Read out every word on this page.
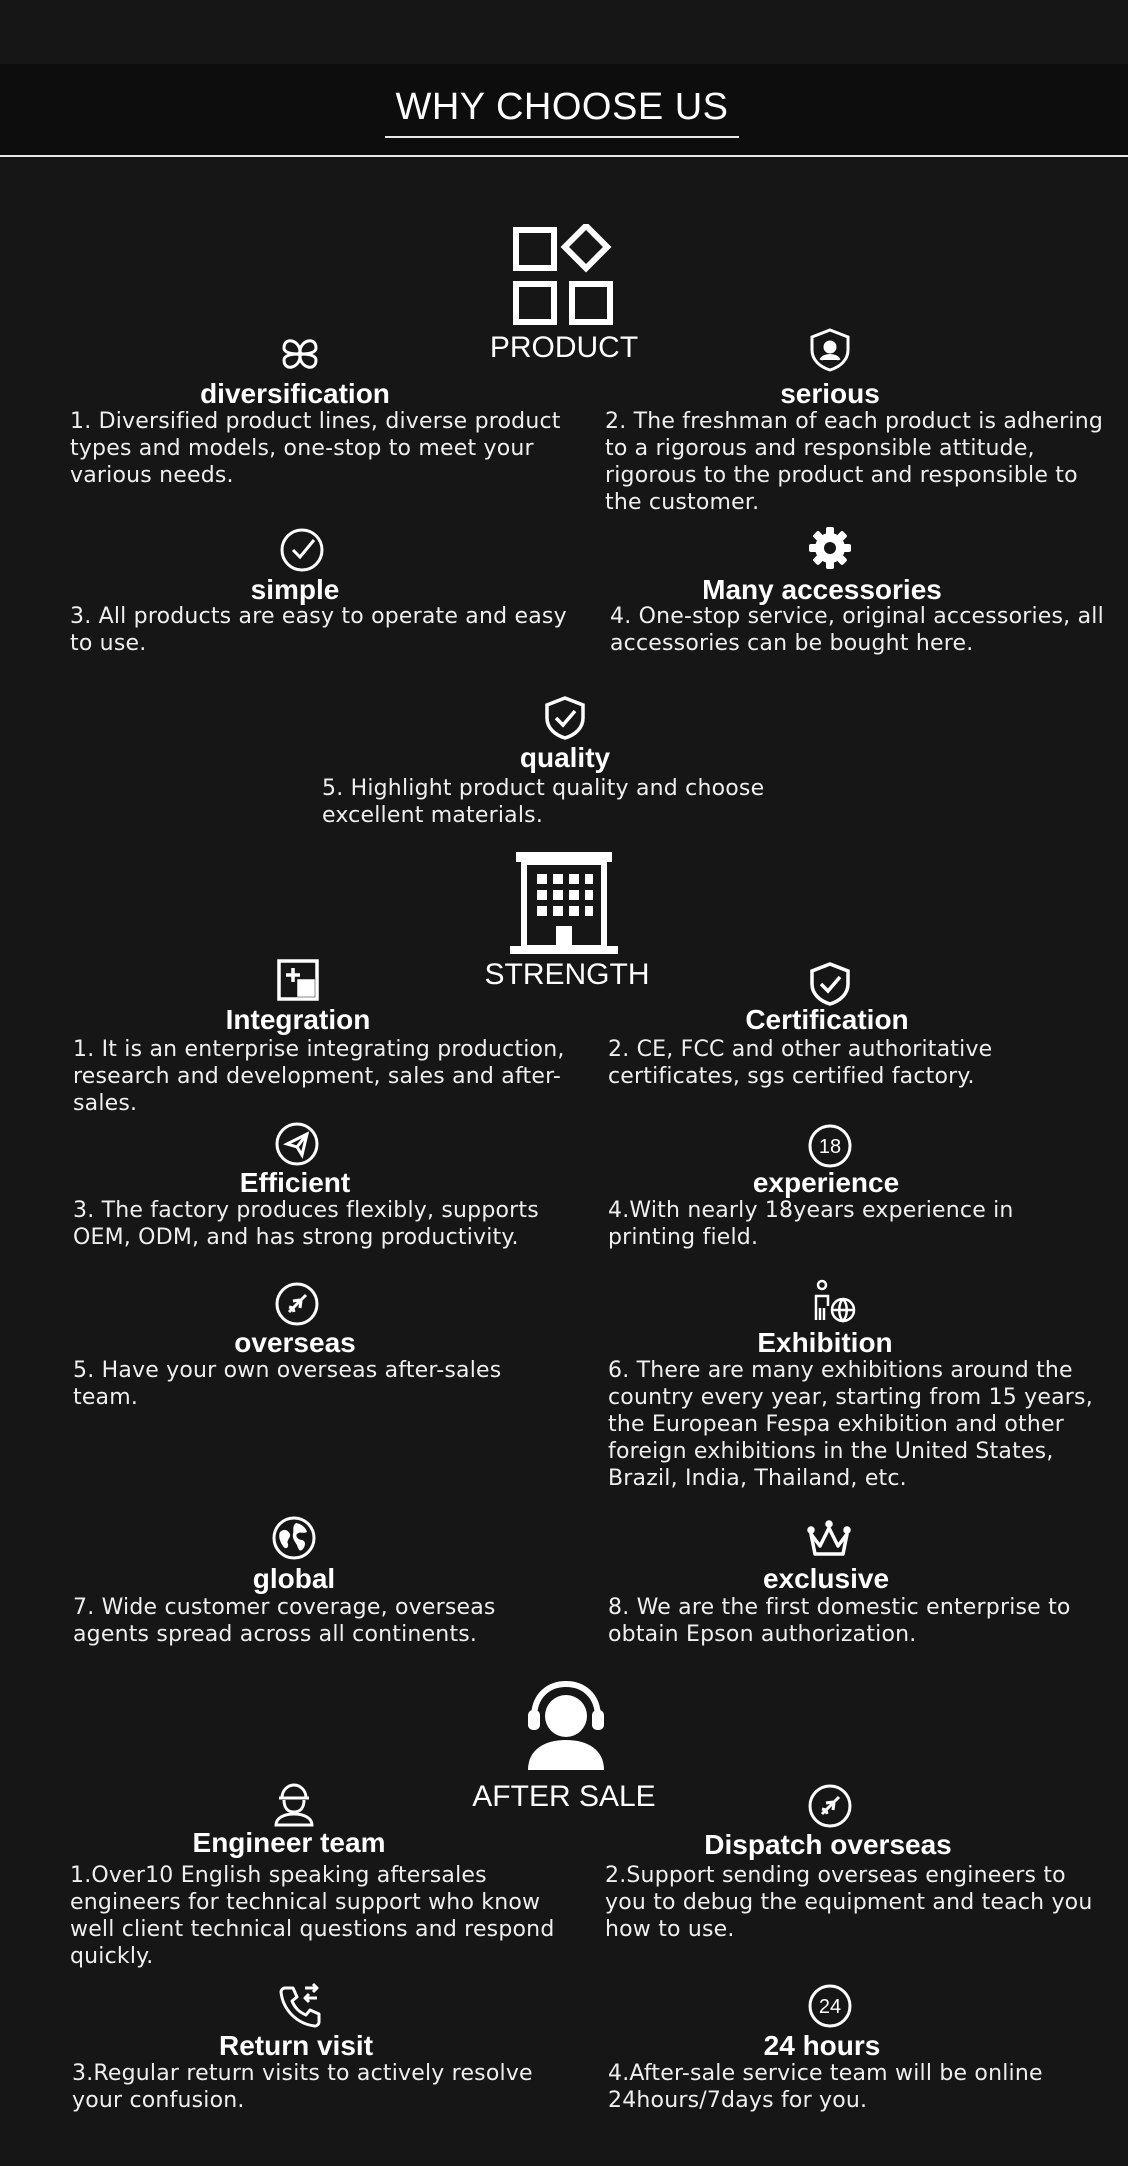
WHY CHOOSE US
PRODUCT
diversification
1. Diversified product lines, diverse product types and models, one-stop to meet your various needs.
serious
2. The freshman of each product is adhering to a rigorous and responsible attitude, rigorous to the product and responsible to the customer.
simple
3. All products are easy to operate and easy to use.
Many accessories
4. One-stop service, original accessories, all accessories can be bought here.
quality
5. Highlight product quality and choose excellent materials.
STRENGTH
Integration
1. It is an enterprise integrating production, research and development, sales and after-sales.
Certification
2. CE, FCC and other authoritative certificates, sgs certified factory.
Efficient
3. The factory produces flexibly, supports OEM, ODM, and has strong productivity.
18
experience
4.With nearly 18years experience in printing field.
overseas
5. Have your own overseas after-sales team.
Exhibition
6. There are many exhibitions around the country every year, starting from 15 years, the European Fespa exhibition and other foreign exhibitions in the United States, Brazil, India, Thailand, etc.
global
7. Wide customer coverage, overseas agents spread across all continents.
exclusive
8. We are the first domestic enterprise to obtain Epson authorization.
AFTER SALE
Engineer team
1.Over10 English speaking aftersales engineers for technical support who know well client technical questions and respond quickly.
Dispatch overseas
2.Support sending overseas engineers to you to debug the equipment and teach you how to use.
Return visit
3.Regular return visits to actively resolve your confusion.
24
24 hours
4.After-sale service team will be online 24hours/7days for you.
